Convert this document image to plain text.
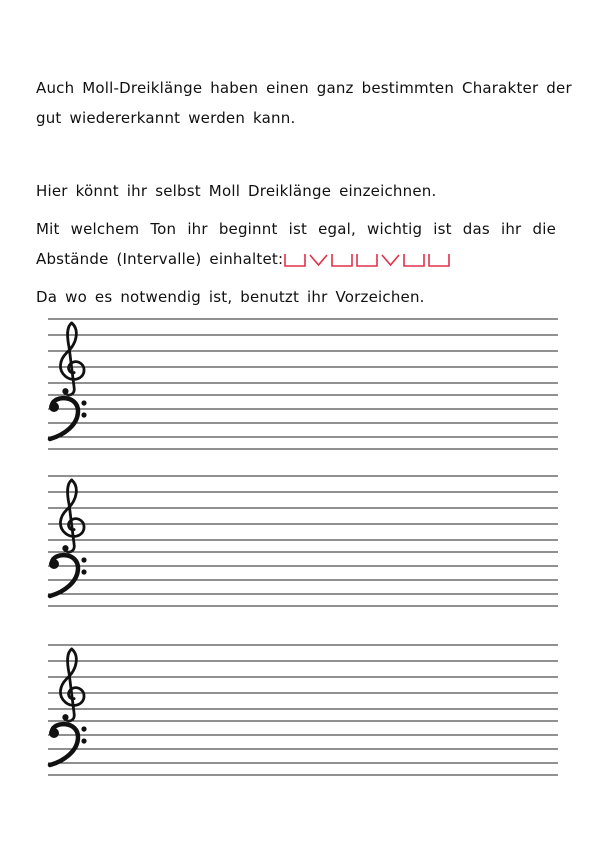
Auch Moll-Dreiklänge haben einen ganz bestimmten Charakter der

gut wiedererkannt werden kann.

Hier könnt ihr selbst Moll Dreiklänge einzeichnen.

Mit welchem Ton ihr beginnt ist egal, wichtig ist das ihr die

Abstände (Intervalle) einhaltet:

Da wo es notwendig ist, benutzt ihr Vorzeichen.
